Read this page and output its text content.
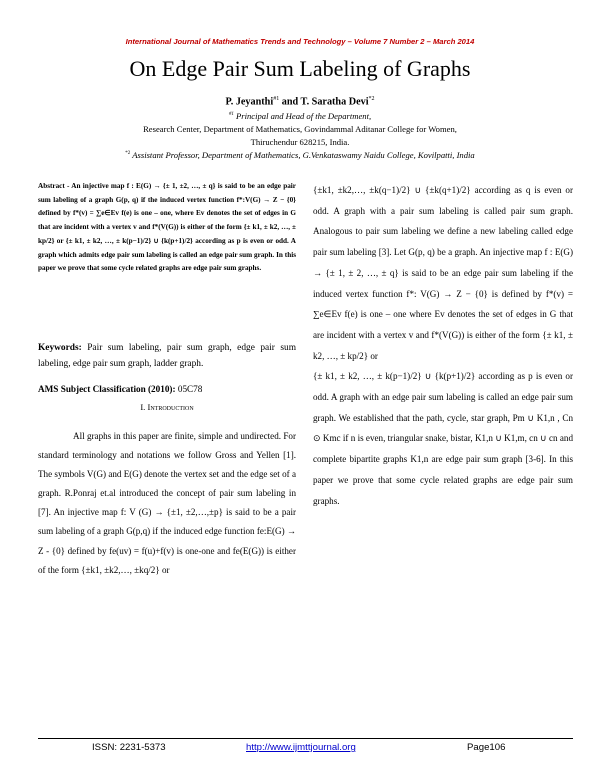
International Journal of Mathematics Trends and Technology – Volume 7 Number 2 – March 2014
On Edge Pair Sum Labeling of Graphs
P. Jeyanthi$^{\#1}$ and T. Saratha Devi$^{*2}$
$^{\#1}$ Principal and Head of the Department,
Research Center, Department of Mathematics, Govindammal Aditanar College for Women,
Thiruchendur 628215, India.
$^{*2}$ Assistant Professor, Department of Mathematics, G.Venkataswamy Naidu College, Kovilpatti, India
Abstract - An injective map f : E(G) → {± 1, ±2, …, ± q} is said to be an edge pair sum labeling of a graph G(p, q) if the induced vertex function f*:V(G) → Z − {0} defined by f*(v) = ∑e∈Ev f(e) is one – one, where Ev denotes the set of edges in G that are incident with a vertex v and f*(V(G)) is either of the form {± k1, ± k2, …, ± kp/2} or {± k1, ± k2, …, ± k(p−1)/2} ∪ {k(p+1)/2} according as p is even or odd. A graph which admits edge pair sum labeling is called an edge pair sum graph. In this paper we prove that some cycle related graphs are edge pair sum graphs.
Keywords: Pair sum labeling, pair sum graph, edge pair sum labeling, edge pair sum graph, ladder graph.
AMS Subject Classification (2010): 05C78
I. Introduction

All graphs in this paper are finite, simple and undirected. For standard terminology and notations we follow Gross and Yellen [1]. The symbols V(G) and E(G) denote the vertex set and the edge set of a graph. R.Ponraj et.al introduced the concept of pair sum labeling in [7]. An injective map f: V (G) → {±1, ±2,…,±p} is said to be a pair sum labeling of a graph G(p,q) if the induced edge function fe:E(G) → Z - {0} defined by fe(uv) = f(u)+f(v) is one-one and fe(E(G)) is either of the form {±k1, ±k2,…, ±kq/2} or

{±k1, ±k2,…, ±k(q−1)/2} ∪ {±k(q+1)/2} according as q is even or odd. A graph with a pair sum labeling is called pair sum graph. Analogous to pair sum labeling we define a new labeling called edge pair sum labeling [3]. Let G(p, q) be a graph. An injective map f : E(G) → {± 1, ± 2, …, ± q} is said to be an edge pair sum labeling if the induced vertex function f*: V(G) → Z − {0} is defined by f*(v) = ∑e∈Ev f(e) is one – one where Ev denotes the set of edges in G that are incident with a vertex v and f*(V(G)) is either of the form {± k1, ± k2, …, ± kp/2} or

{± k1, ± k2, …, ± k(p−1)/2} ∪ {k(p+1)/2} according as p is even or odd. A graph with an edge pair sum labeling is called an edge pair sum graph. We established that the path, cycle, star graph, Pm ∪ K1,n , Cn ⊙ Kmc if n is even, triangular snake, bistar, K1,n ∪ K1,m, cn ∪ cn and complete bipartite graphs K1,n are edge pair sum graph [3-6]. In this paper we prove that some cycle related graphs are edge pair sum graphs.

ISSN: 2231-5373	http://www.ijmttjournal.org	Page106
